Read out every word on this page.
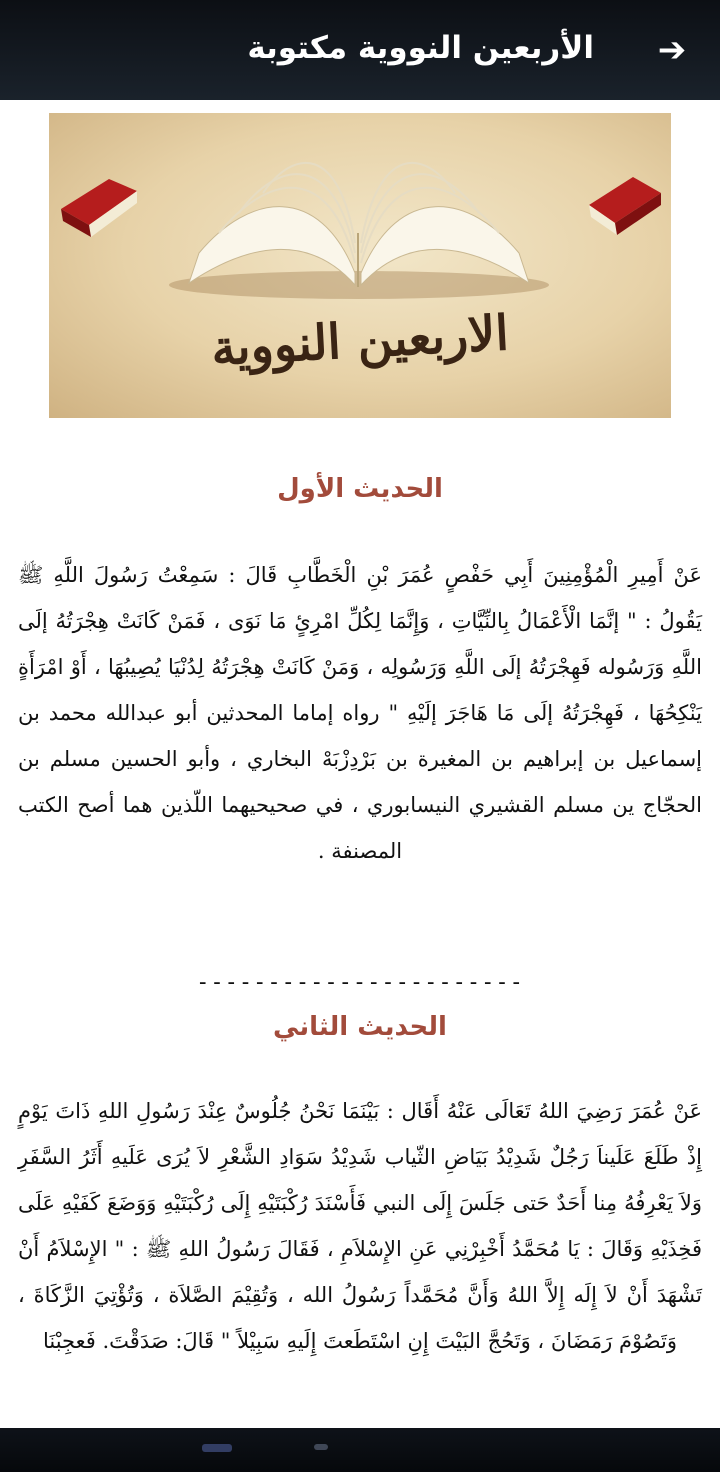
➔
الأربعين النووية مكتوبة
الاربعين النووية
الحديث الأول
عَنْ أَمِيرِ الْمُؤْمِنِينَ أَبِي حَفْصٍ عُمَرَ بْنِ الْخَطَّابِ قَالَ : سَمِعْتُ رَسُولَ اللَّهِ ﷺ يَقُولُ : " إنَّمَا الْأَعْمَالُ بِالنِّيَّاتِ ، وَإِنَّمَا لِكُلِّ امْرِئٍ مَا نَوَى ، فَمَنْ كَانَتْ هِجْرَتُهُ إلَى اللَّهِ وَرَسُوله فَهِجْرَتُهُ إلَى اللَّهِ وَرَسُولِه ، وَمَنْ كَانَتْ هِجْرَتُهُ لِدُنْيَا يُصِيبُهَا ، أَوْ امْرَأَةٍ يَنْكِحُهَا ، فَهِجْرَتُهُ إلَى مَا هَاجَرَ إلَيْهِ " رواه إماما المحدثين أبو عبدالله محمد بن إسماعيل بن إبراهيم بن المغيرة بن بَرْدِزْبَهْ البخاري ، وأبو الحسين مسلم بن الحجّاج ين مسلم القشيري النيسابوري ، في صحيحيهما اللّذين هما أصح الكتب المصنفة .
-----------------------
الحديث الثاني
عَنْ عُمَرَ رَضِيَ اللهُ تَعَالَى عَنْهُ أَقَال : بَيْنَمَا نَحْنُ جُلُوسٌ عِنْدَ رَسُولِ اللهِ ذَاتَ يَوْمٍ إِذْ طَلَعَ عَلَيناَ رَجُلٌ شَدِيْدُ بَيَاضِ الثّياب شَدِيْدُ سَوَادِ الشَّعْرِ لاَ يُرَى عَلَيهِ أَثَرُ السَّفَرِ وَلاَ يَعْرِفُهُ مِنا أَحَدٌ حَتى جَلَسَ إِلَى النبي فَأَسْنَدَ رُكْبَتَيْهِ إِلَى رُكْبَتَيْهِ وَوَضَعَ كَفَيْهِ عَلَى فَخِذَيْهِ وَقَالَ : يَا مُحَمَّدُ أَخْبِرْنِي عَنِ الإِسْلاَمِ ، فَقَالَ رَسُولُ اللهِ ﷺ : " الإِسْلاَمُ أَنْ تَشْهَدَ أَنْ لاَ إِلَه إِلاَّ اللهُ وَأَنَّ مُحَمَّداً رَسُولُ الله ، وَتُقِيْمَ الصَّلاَة ، وَتُؤْتِيَ الزَّكَاةَ ، وَتَصُوْمَ رَمَضَانَ ، وَتَحُجَّ البَيْتَ إِنِ اسْتَطَعتَ إِلَيهِ سَبِيْلاً " قَالَ: صَدَقْتَ. فَعجِبْنَا
